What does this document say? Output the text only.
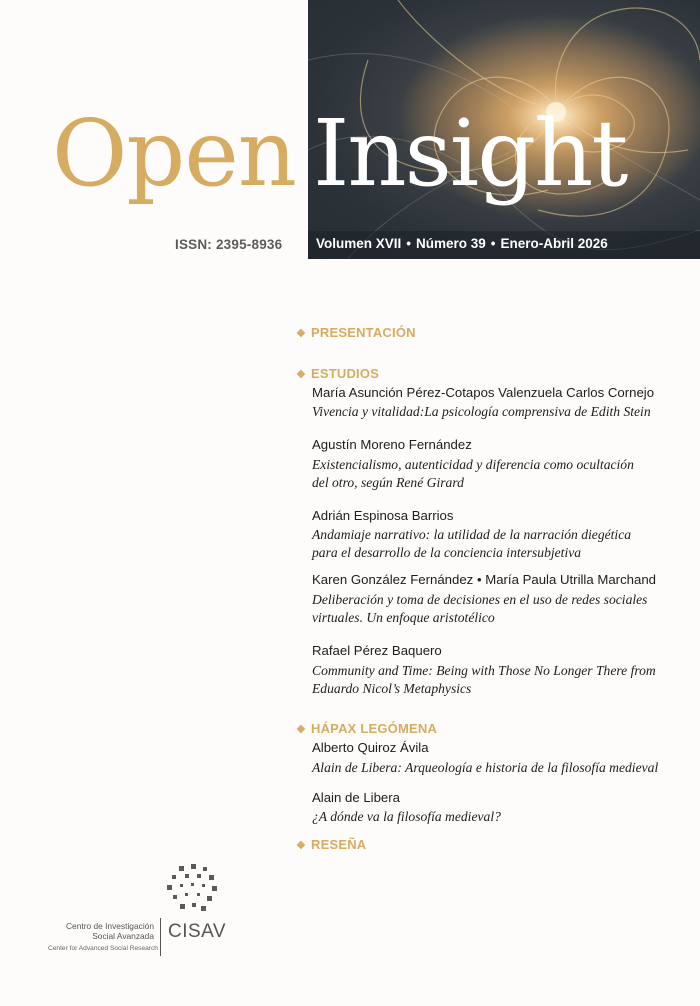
Open Insight
ISSN: 2395-8936 Volumen XVII • Número 39 • Enero-Abril 2026
❖ PRESENTACIÓN
❖ ESTUDIOS
María Asunción Pérez-Cotapos Valenzuela Carlos Cornejo
Vivencia y vitalidad:La psicología comprensiva de Edith Stein
Agustín Moreno Fernández
Existencialismo, autenticidad y diferencia como ocultación
del otro, según René Girard
Adrián Espinosa Barrios
Andamiaje narrativo: la utilidad de la narración diegética
para el desarrollo de la conciencia intersubjetiva
Karen González Fernández • María Paula Utrilla Marchand
Deliberación y toma de decisiones en el uso de redes sociales
virtuales. Un enfoque aristotélico
Rafael Pérez Baquero
Community and Time: Being with Those No Longer There from
Eduardo Nicol’s Metaphysics
❖ HÁPAX LEGÓMENA
Alberto Quiroz Ávila
Alain de Libera: Arqueología e historia de la filosofía medieval
Alain de Libera
¿A dónde va la filosofía medieval?
❖ RESEÑA
Centro de Investigación
Social Avanzada
Center for Advanced Social Research
CISAV
